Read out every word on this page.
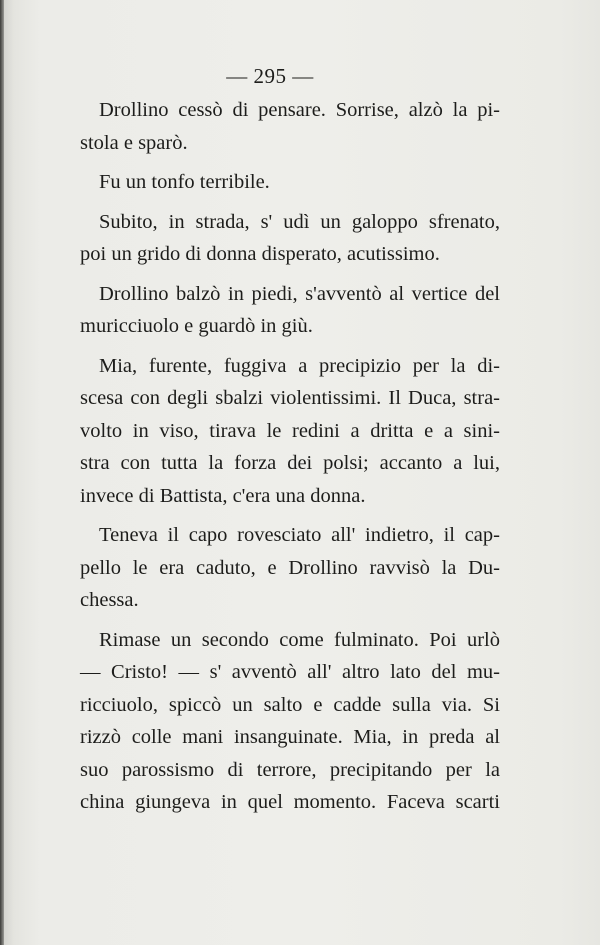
— 295 —
Drollino cessò di pensare. Sorrise, alzò la pi-
stola e sparò.
Fu un tonfo terribile.
Subito, in strada, s' udì un galoppo sfrenato,
poi un grido di donna disperato, acutissimo.
Drollino balzò in piedi, s'avventò al vertice del
muricciuolo e guardò in giù.
Mia, furente, fuggiva a precipizio per la di-
scesa con degli sbalzi violentissimi. Il Duca, stra-
volto in viso, tirava le redini a dritta e a sini-
stra con tutta la forza dei polsi; accanto a lui,
invece di Battista, c'era una donna.
Teneva il capo rovesciato all' indietro, il cap-
pello le era caduto, e Drollino ravvisò la Du-
chessa.
Rimase un secondo come fulminato. Poi urlò
— Cristo! — s' avventò all' altro lato del mu-
ricciuolo, spiccò un salto e cadde sulla via. Si
rizzò colle mani insanguinate. Mia, in preda al
suo parossismo di terrore, precipitando per la
china giungeva in quel momento. Faceva scarti
